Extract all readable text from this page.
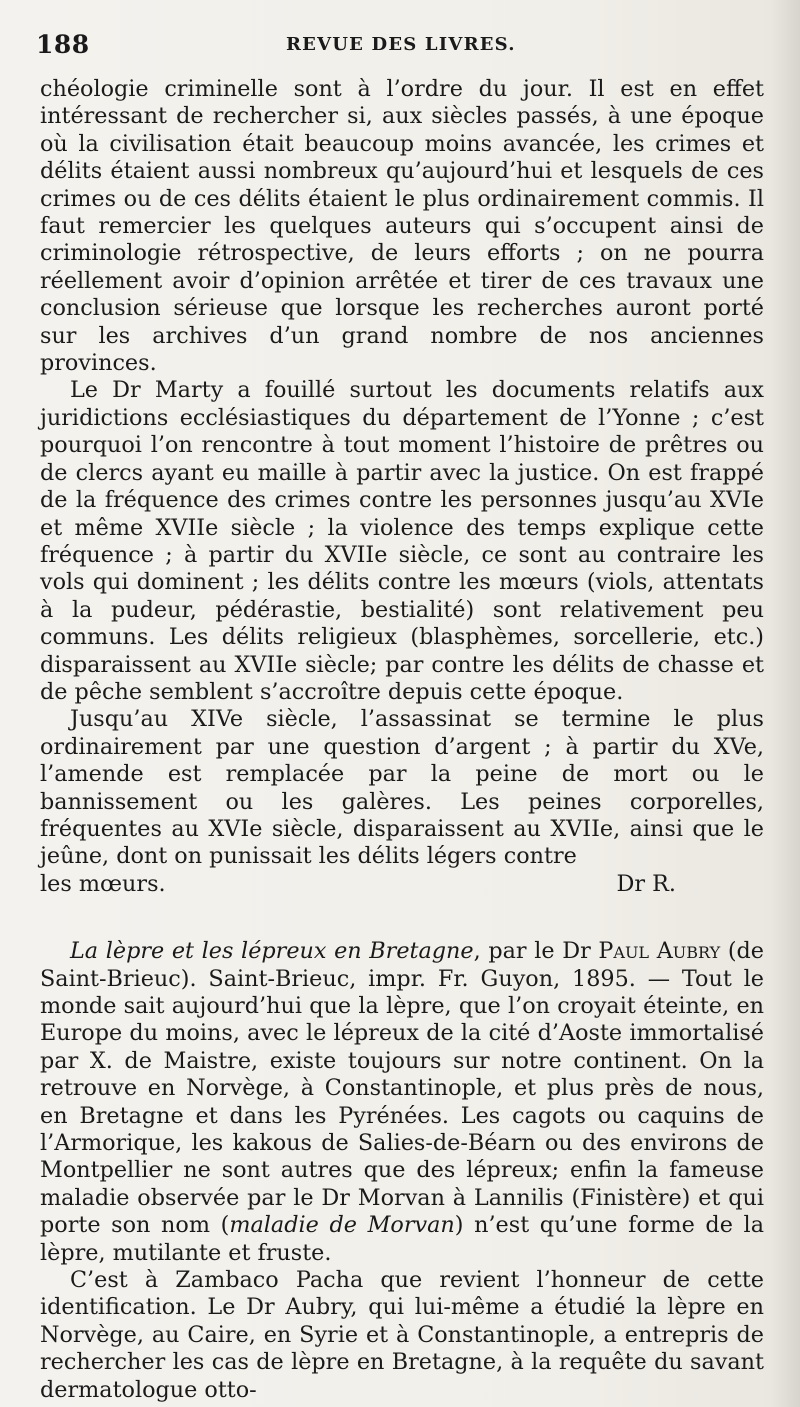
188	REVUE DES LIVRES.

chéologie criminelle sont à l’ordre du jour. Il est en effet intéressant de rechercher si, aux siècles passés, à une époque où la civilisation était beaucoup moins avancée, les crimes et délits étaient aussi nombreux qu’aujourd’hui et lesquels de ces crimes ou de ces délits étaient le plus ordinairement commis. Il faut remercier les quelques auteurs qui s’occupent ainsi de criminologie rétrospective, de leurs efforts ; on ne pourra réellement avoir d’opinion arrêtée et tirer de ces travaux une conclusion sérieuse que lorsque les recherches auront porté sur les archives d’un grand nombre de nos anciennes provinces.

Le Dr Marty a fouillé surtout les documents relatifs aux juridictions ecclésiastiques du département de l’Yonne ; c’est pourquoi l’on rencontre à tout moment l’histoire de prêtres ou de clercs ayant eu maille à partir avec la justice. On est frappé de la fréquence des crimes contre les personnes jusqu’au XVIe et même XVIIe siècle ; la violence des temps explique cette fréquence ; à partir du XVIIe siècle, ce sont au contraire les vols qui dominent ; les délits contre les mœurs (viols, attentats à la pudeur, pédérastie, bestialité) sont relativement peu communs. Les délits religieux (blasphèmes, sorcellerie, etc.) disparaissent au XVIIe siècle; par contre les délits de chasse et de pêche semblent s’accroître depuis cette époque.

Jusqu’au XIVe siècle, l’assassinat se termine le plus ordinairement par une question d’argent ; à partir du XVe, l’amende est remplacée par la peine de mort ou le bannissement ou les galères. Les peines corporelles, fréquentes au XVIe siècle, disparaissent au XVIIe, ainsi que le jeûne, dont on punissait les délits légers contre

les mœurs.	Dr R.

La lèpre et les lépreux en Bretagne, par le Dr Paul Aubry (de Saint-Brieuc). Saint-Brieuc, impr. Fr. Guyon, 1895. — Tout le monde sait aujourd’hui que la lèpre, que l’on croyait éteinte, en Europe du moins, avec le lépreux de la cité d’Aoste immortalisé par X. de Maistre, existe toujours sur notre continent. On la retrouve en Norvège, à Constantinople, et plus près de nous, en Bretagne et dans les Pyrénées. Les cagots ou caquins de l’Armorique, les kakous de Salies-de-Béarn ou des environs de Montpellier ne sont autres que des lépreux; enfin la fameuse maladie observée par le Dr Morvan à Lannilis (Finistère) et qui porte son nom (maladie de Morvan) n’est qu’une forme de la lèpre, mutilante et fruste.

C’est à Zambaco Pacha que revient l’honneur de cette identification. Le Dr Aubry, qui lui-même a étudié la lèpre en Norvège, au Caire, en Syrie et à Constantinople, a entrepris de rechercher les cas de lèpre en Bretagne, à la requête du savant dermatologue otto-
